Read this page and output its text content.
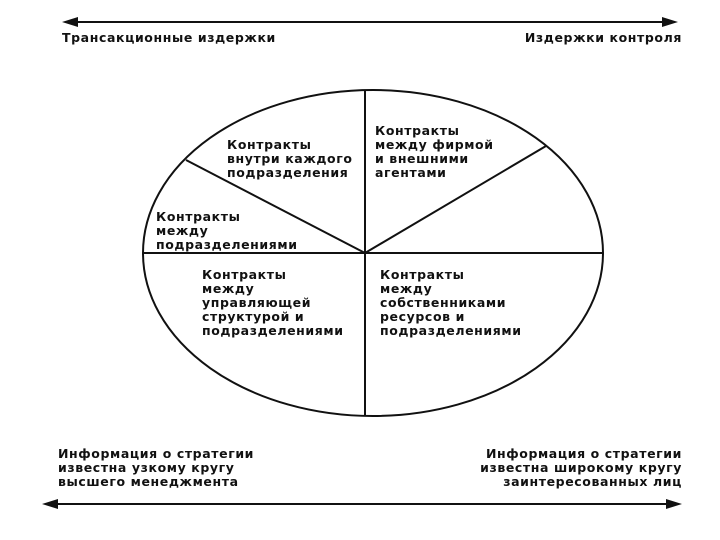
Трансакционные издержки	Издержки контроля
Контракты
внутри каждого
подразделения
Контракты
между фирмой
и внешними
агентами
Контракты
между
подразделениями
Контракты
между
управляющей
структурой и
подразделениями
Контракты
между
собственниками
ресурсов и
подразделениями
Информация о стратегии
известна узкому кругу
высшего менеджмента
Информация о стратегии
известна широкому кругу
заинтересованных лиц
